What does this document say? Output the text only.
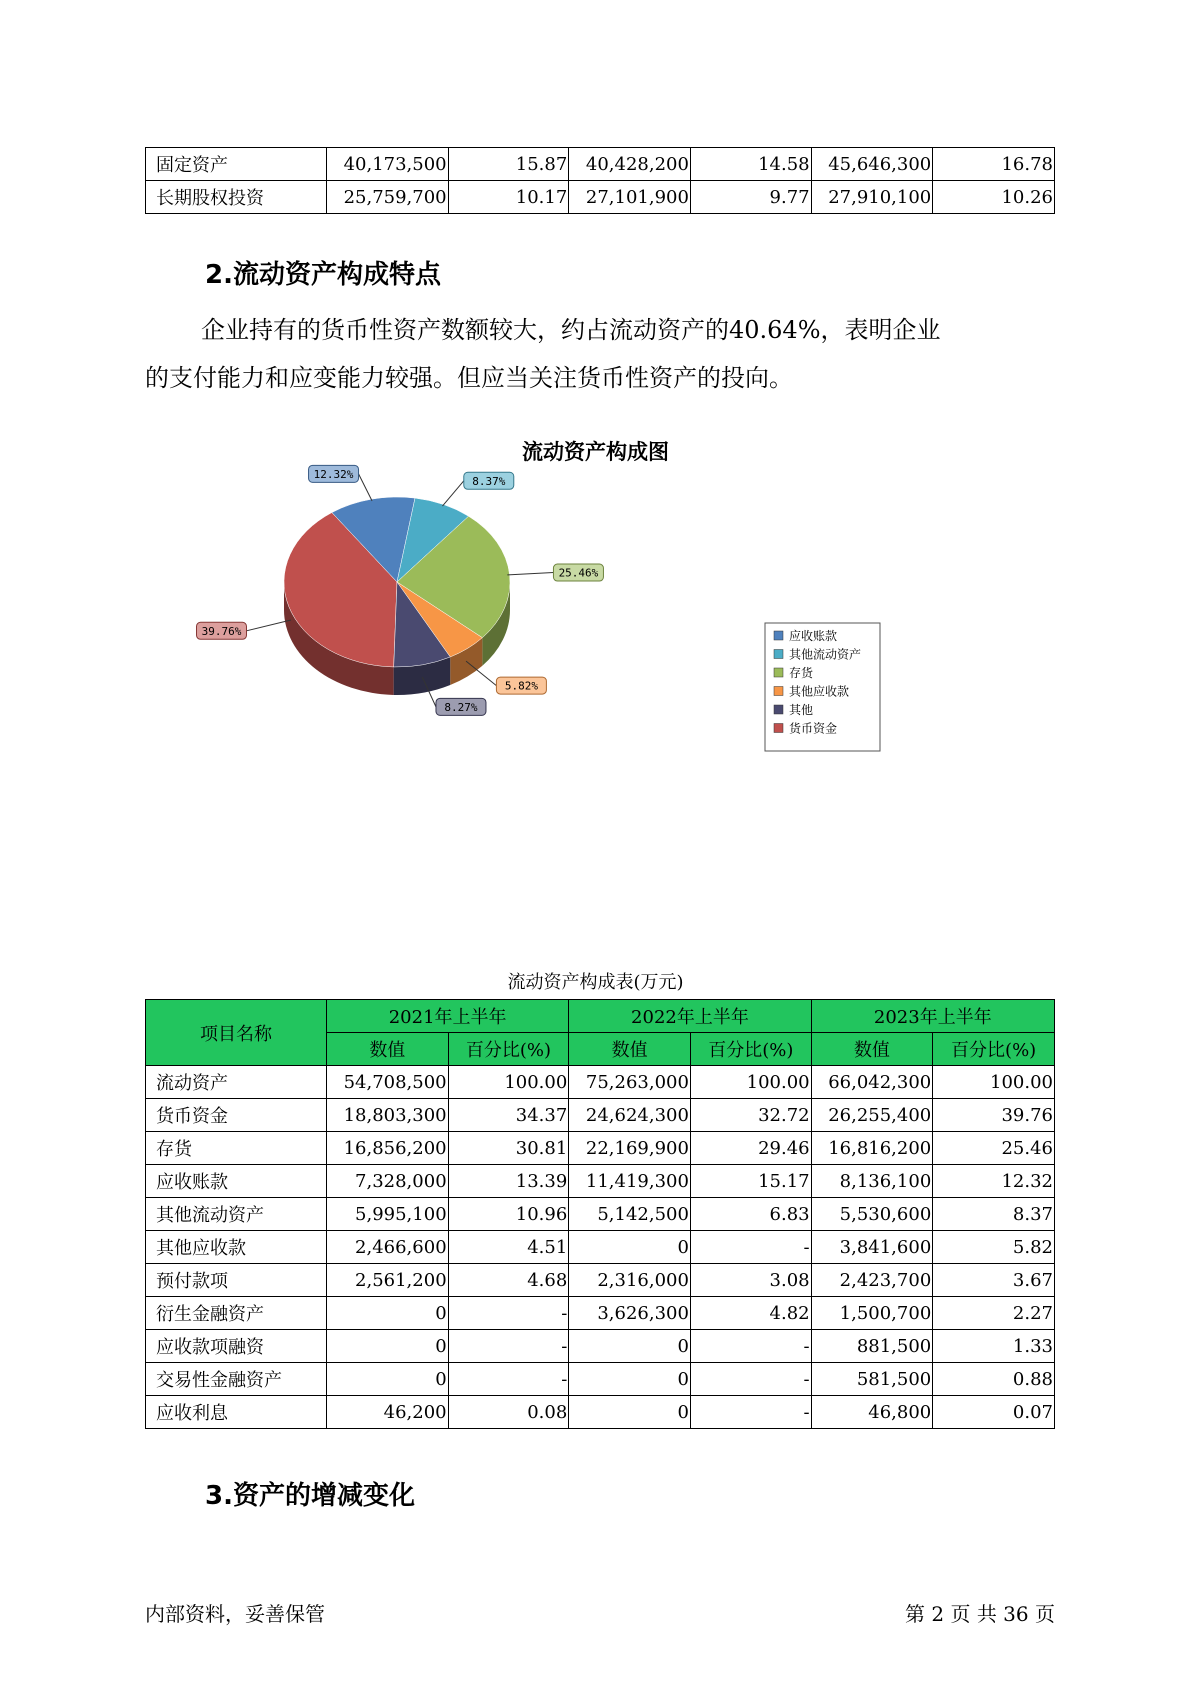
固定资产	40,173,500	15.87	40,428,200	14.58	45,646,300	16.78
长期股权投资	25,759,700	10.17	27,101,900	9.77	27,910,100	10.26
2.流动资产构成特点
企业持有的货币性资产数额较大，约占流动资产的40.64%，表明企业
的支付能力和应变能力较强。但应当关注货币性资产的投向。
流动资产构成图
39.76%
12.32%
8.37%
25.46%
5.82%
8.27%
应收账款
其他流动资产
存货
其他应收款
其他
货币资金
流动资产构成表(万元)
项目名称	2021年上半年		2022年上半年		2023年上半年	
	数值	百分比(%)	数值	百分比(%)	数值	百分比(%)
流动资产	54,708,500	100.00	75,263,000	100.00	66,042,300	100.00
货币资金	18,803,300	34.37	24,624,300	32.72	26,255,400	39.76
存货	16,856,200	30.81	22,169,900	29.46	16,816,200	25.46
应收账款	7,328,000	13.39	11,419,300	15.17	8,136,100	12.32
其他流动资产	5,995,100	10.96	5,142,500	6.83	5,530,600	8.37
其他应收款	2,466,600	4.51	0	-	3,841,600	5.82
预付款项	2,561,200	4.68	2,316,000	3.08	2,423,700	3.67
衍生金融资产	0	-	3,626,300	4.82	1,500,700	2.27
应收款项融资	0	-	0	-	881,500	1.33
交易性金融资产	0	-	0	-	581,500	0.88
应收利息	46,200	0.08	0	-	46,800	0.07
3.资产的增减变化
内部资料，妥善保管	第 2 页 共 36 页
